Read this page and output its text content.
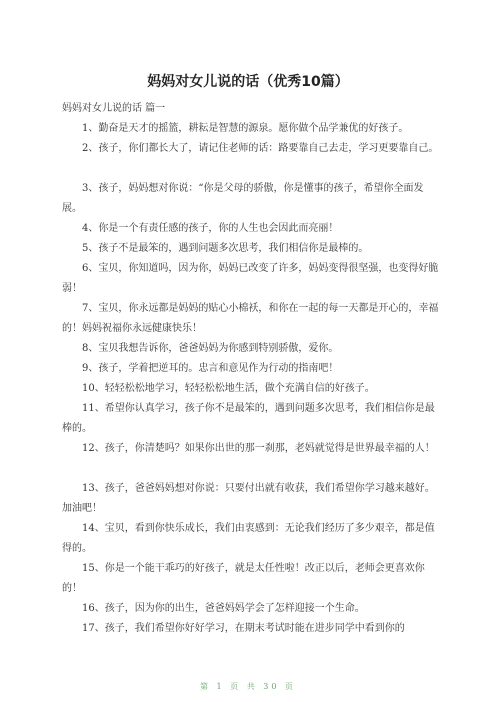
妈妈对女儿说的话（优秀10篇）
妈妈对女儿说的话 篇一

1、勤奋是天才的摇篮，耕耘是智慧的源泉。愿你做个品学兼优的好孩子。

2、孩子，你们都长大了，请记住老师的话：路要靠自己去走，学习更要靠自己。

3、孩子，妈妈想对你说：“你是父母的骄傲，你是懂事的孩子，希望你全面发展。

4、你是一个有责任感的孩子，你的人生也会因此而亮丽！

5、孩子不是最笨的，遇到问题多次思考，我们相信你是最棒的。

6、宝贝，你知道吗，因为你，妈妈已改变了许多，妈妈变得很坚强，也变得好脆弱！

7、宝贝，你永远都是妈妈的贴心小棉袄，和你在一起的每一天都是开心的，幸福的！妈妈祝福你永远健康快乐！

8、宝贝我想告诉你，爸爸妈妈为你感到特别骄傲，爱你。

9、孩子，学着把逆耳的。忠言和意见作为行动的指南吧！

10、轻轻松松地学习，轻轻松松地生活，做个充满自信的好孩子。

11、希望你认真学习，孩子你不是最笨的，遇到问题多次思考，我们相信你是最棒的。

12、孩子，你清楚吗？如果你出世的那一刹那，老妈就觉得是世界最幸福的人！

13、孩子，爸爸妈妈想对你说：只要付出就有收获，我们希望你学习越来越好。加油吧！

14、宝贝，看到你快乐成长，我们由衷感到：无论我们经历了多少艰辛，都是值得的。

15、你是一个能干乖巧的好孩子，就是太任性啦！改正以后，老师会更喜欢你的！

16、孩子，因为你的出生，爸爸妈妈学会了怎样迎接一个生命。

17、孩子，我们希望你好好学习，在期末考试时能在进步同学中看到你的

第 1 页 共 30 页
